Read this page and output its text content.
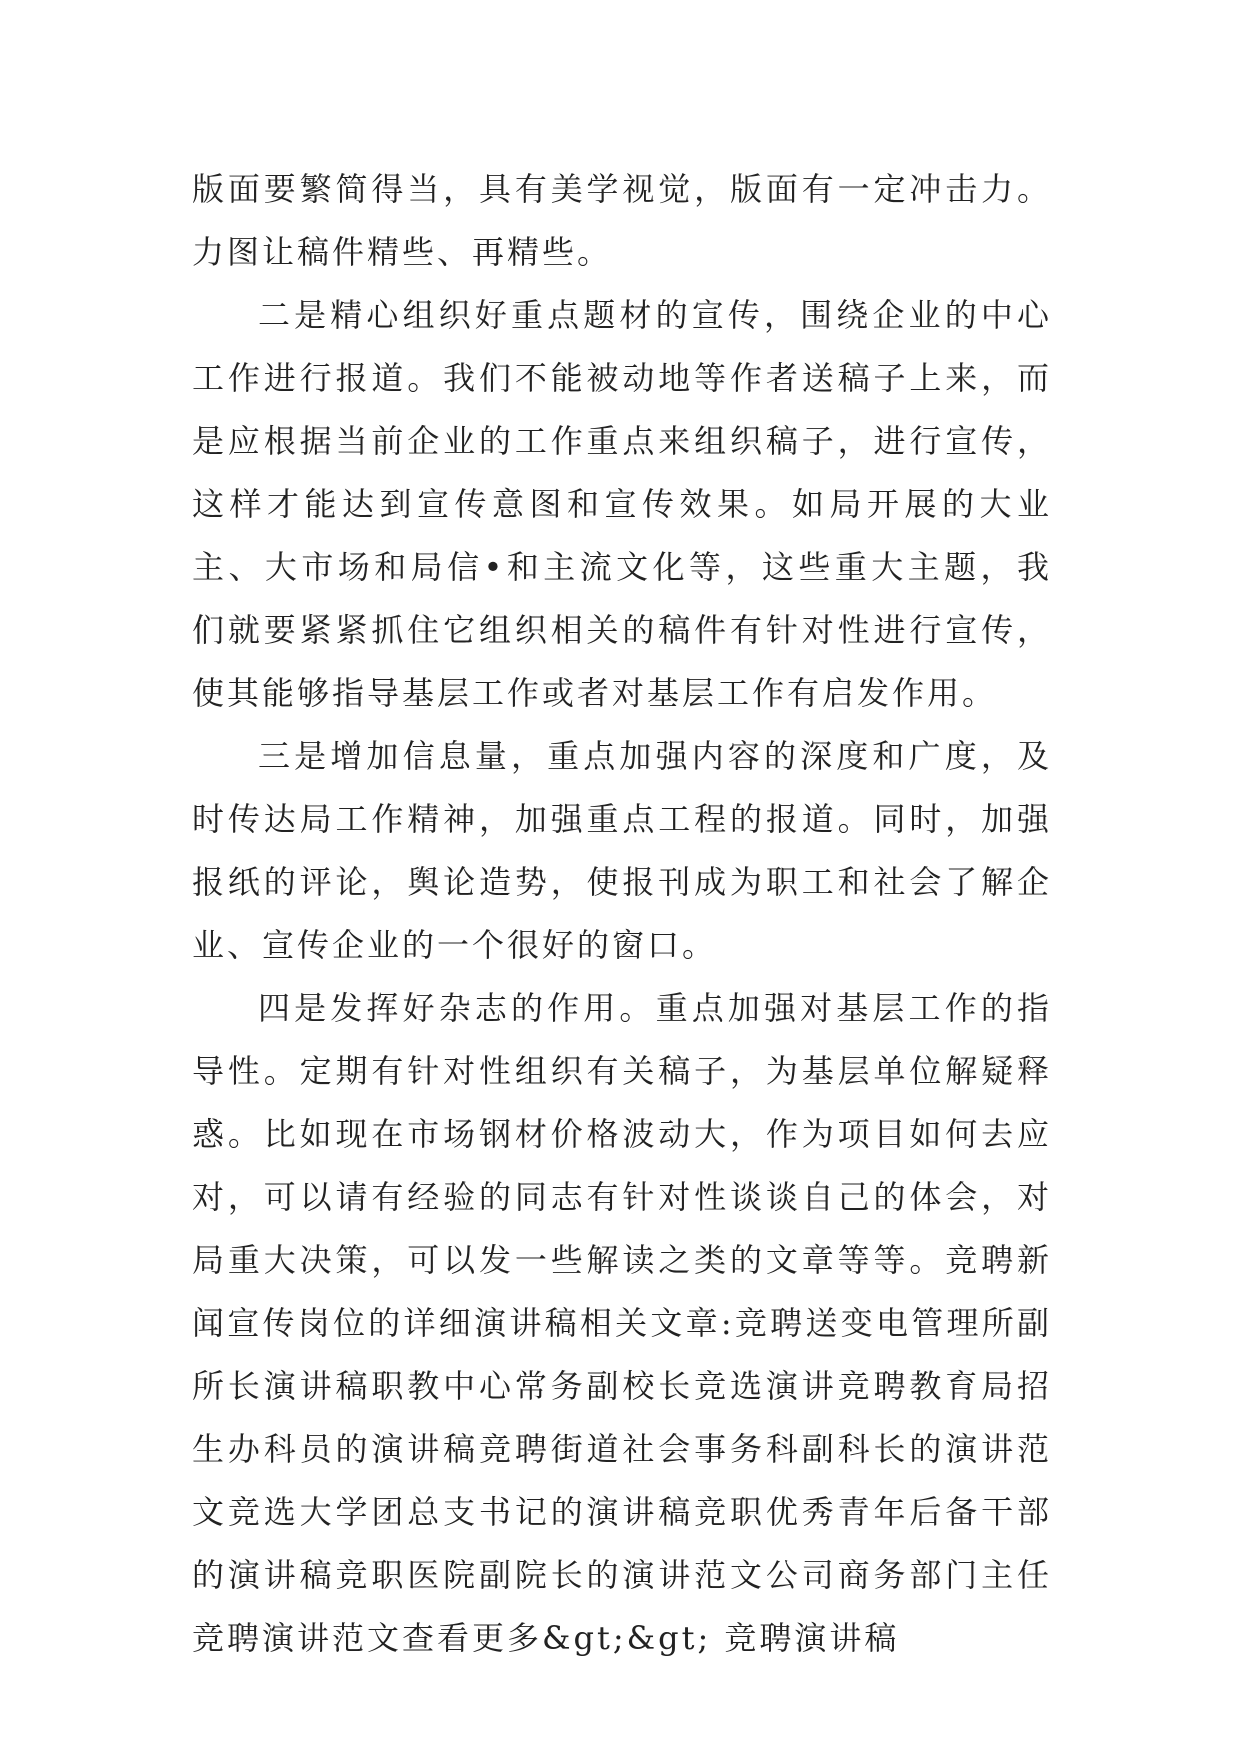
版面要繁简得当，具有美学视觉，版面有一定冲击力。力图让稿件精些、再精些。

二是精心组织好重点题材的宣传，围绕企业的中心工作进行报道。我们不能被动地等作者送稿子上来，而是应根据当前企业的工作重点来组织稿子，进行宣传，这样才能达到宣传意图和宣传效果。如局开展的大业主、大市场和局信•和主流文化等，这些重大主题，我们就要紧紧抓住它组织相关的稿件有针对性进行宣传，使其能够指导基层工作或者对基层工作有启发作用。

三是增加信息量，重点加强内容的深度和广度，及时传达局工作精神，加强重点工程的报道。同时，加强报纸的评论，舆论造势，使报刊成为职工和社会了解企业、宣传企业的一个很好的窗口。

四是发挥好杂志的作用。重点加强对基层工作的指导性。定期有针对性组织有关稿子，为基层单位解疑释惑。比如现在市场钢材价格波动大，作为项目如何去应对，可以请有经验的同志有针对性谈谈自己的体会，对局重大决策，可以发一些解读之类的文章等等。竞聘新闻宣传岗位的详细演讲稿相关文章:竞聘送变电管理所副所长演讲稿职教中心常务副校长竞选演讲竞聘教育局招生办科员的演讲稿竞聘街道社会事务科副科长的演讲范文竞选大学团总支书记的演讲稿竞职优秀青年后备干部的演讲稿竞职医院副院长的演讲范文公司商务部门主任竞聘演讲范文查看更多&gt;&gt; 竞聘演讲稿
